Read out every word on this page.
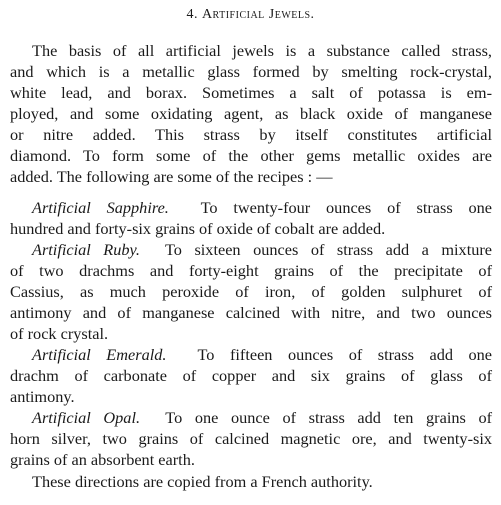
4. Artificial Jewels.
The basis of all artificial jewels is a substance called strass,
and which is a metallic glass formed by smelting rock-crystal,
white lead, and borax. Sometimes a salt of potassa is em-
ployed, and some oxidating agent, as black oxide of manganese
or nitre added. This strass by itself constitutes artificial
diamond. To form some of the other gems metallic oxides are
added. The following are some of the recipes : —
Artificial Sapphire. To twenty-four ounces of strass one
hundred and forty-six grains of oxide of cobalt are added.
Artificial Ruby. To sixteen ounces of strass add a mixture
of two drachms and forty-eight grains of the precipitate of
Cassius, as much peroxide of iron, of golden sulphuret of
antimony and of manganese calcined with nitre, and two ounces
of rock crystal.
Artificial Emerald. To fifteen ounces of strass add one
drachm of carbonate of copper and six grains of glass of
antimony.
Artificial Opal. To one ounce of strass add ten grains of
horn silver, two grains of calcined magnetic ore, and twenty-six
grains of an absorbent earth.
These directions are copied from a French authority.
